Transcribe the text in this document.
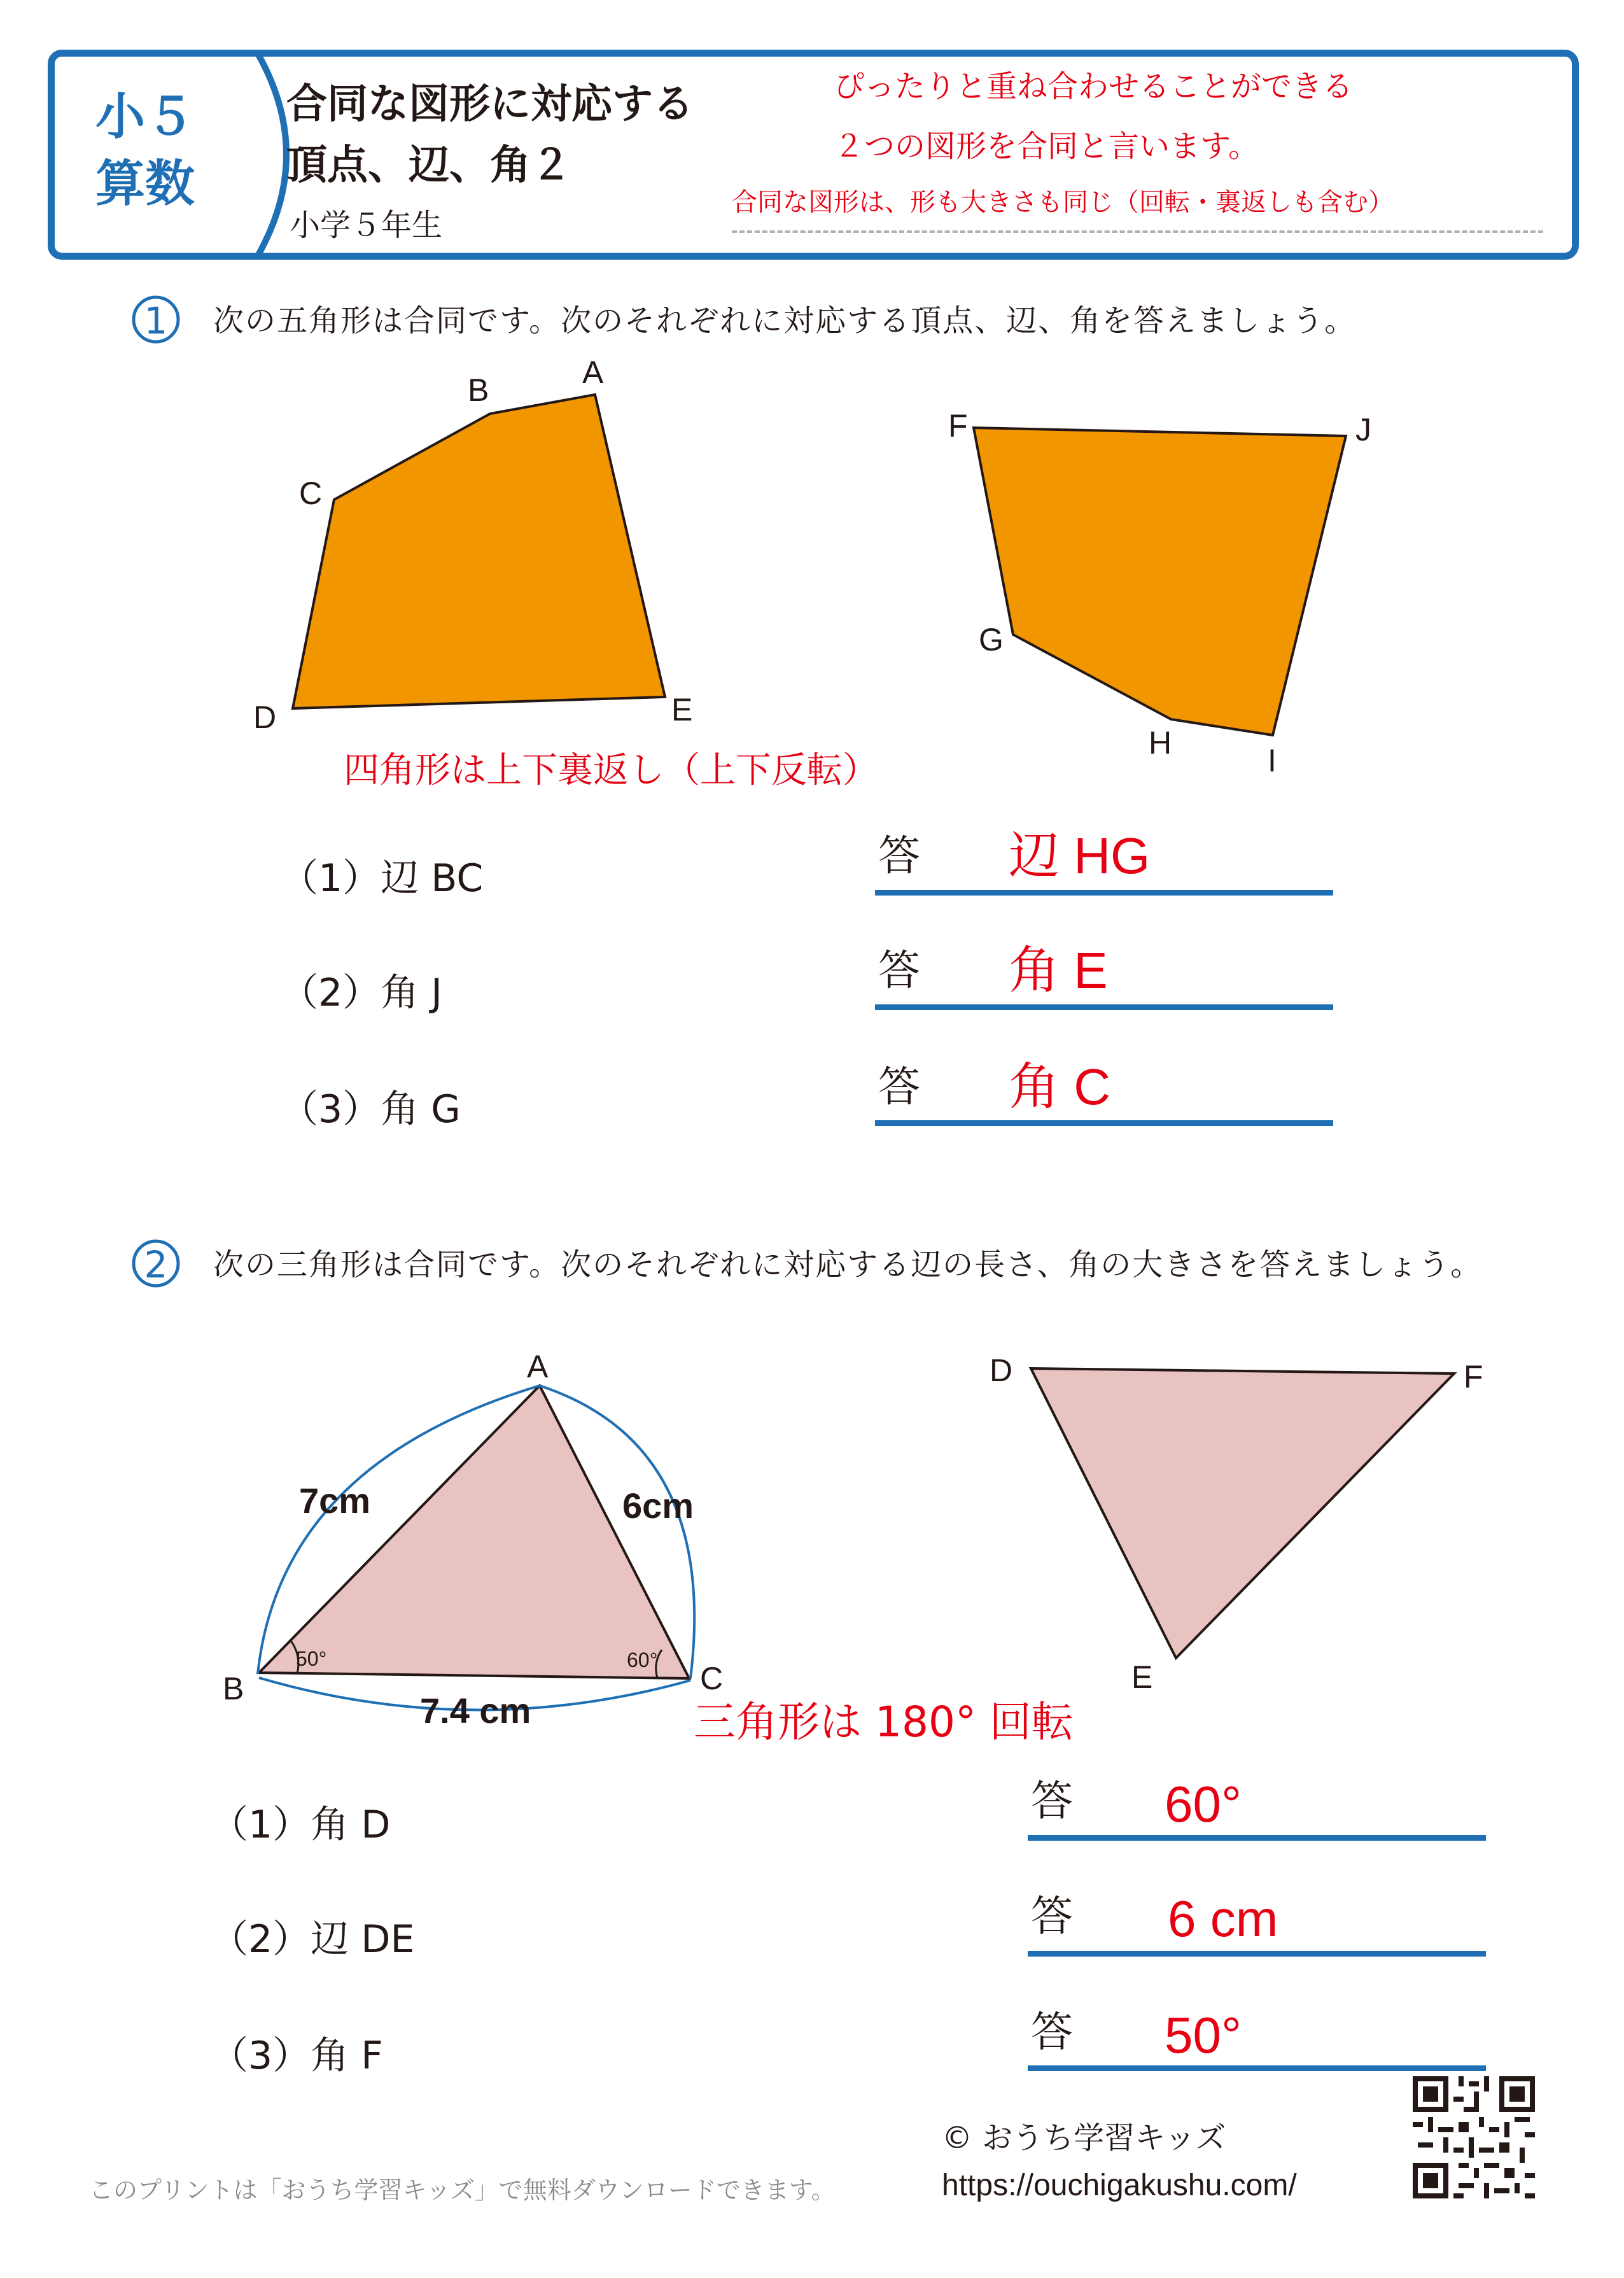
小５
算数
合同な図形に対応する
頂点、辺、角２
小学５年生
ぴったりと重ね合わせることができる
２つの図形を合同と言います。
合同な図形は、形も大きさも同じ（回転・裏返しも含む）
1 次の五角形は合同です。次のそれぞれに対応する頂点、辺、角を答えましょう。
A
B
C
D	E
F	J
G
H	I
四角形は上下裏返し（上下反転）
（1）辺 BC	答 辺 HG
（2）角 J	答 角 E
（3）角 G	答 角 C
2 次の三角形は合同です。次のそれぞれに対応する辺の長さ、角の大きさを答えましょう。
A
B	C
D	F
E
7cm	6cm
7.4 cm
50°	60°
三角形は 180° 回転
（1）角 D	答 60°
（2）辺 DE	答 6 cm
（3）角 F	答 50°
このプリントは「おうち学習キッズ」で無料ダウンロードできます。
© おうち学習キッズ
https://ouchigakushu.com/
